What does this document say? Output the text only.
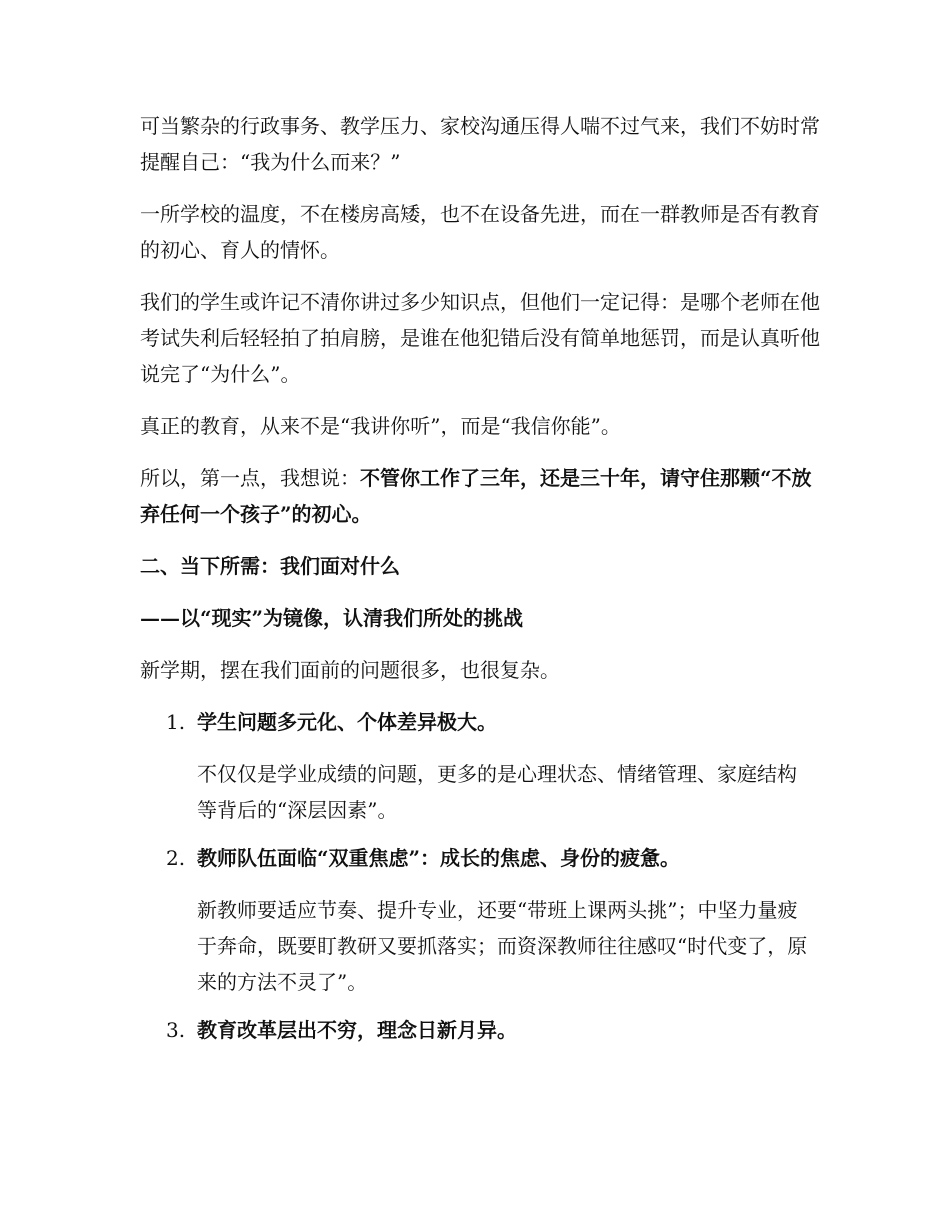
可当繁杂的行政事务、教学压力、家校沟通压得人喘不过气来，我们不妨时常提醒自己：“我为什么而来？”

一所学校的温度，不在楼房高矮，也不在设备先进，而在一群教师是否有教育的初心、育人的情怀。

我们的学生或许记不清你讲过多少知识点，但他们一定记得：是哪个老师在他考试失利后轻轻拍了拍肩膀，是谁在他犯错后没有简单地惩罚，而是认真听他说完了“为什么”。

真正的教育，从来不是“我讲你听”，而是“我信你能”。

所以，第一点，我想说：不管你工作了三年，还是三十年，请守住那颗“不放弃任何一个孩子”的初心。

二、当下所需：我们面对什么

——以“现实”为镜像，认清我们所处的挑战

新学期，摆在我们面前的问题很多，也很复杂。

1. 学生问题多元化、个体差异极大。

不仅仅是学业成绩的问题，更多的是心理状态、情绪管理、家庭结构等背后的“深层因素”。

2. 教师队伍面临“双重焦虑”：成长的焦虑、身份的疲惫。

新教师要适应节奏、提升专业，还要“带班上课两头挑”；中坚力量疲于奔命，既要盯教研又要抓落实；而资深教师往往感叹“时代变了，原来的方法不灵了”。

3. 教育改革层出不穷，理念日新月异。
